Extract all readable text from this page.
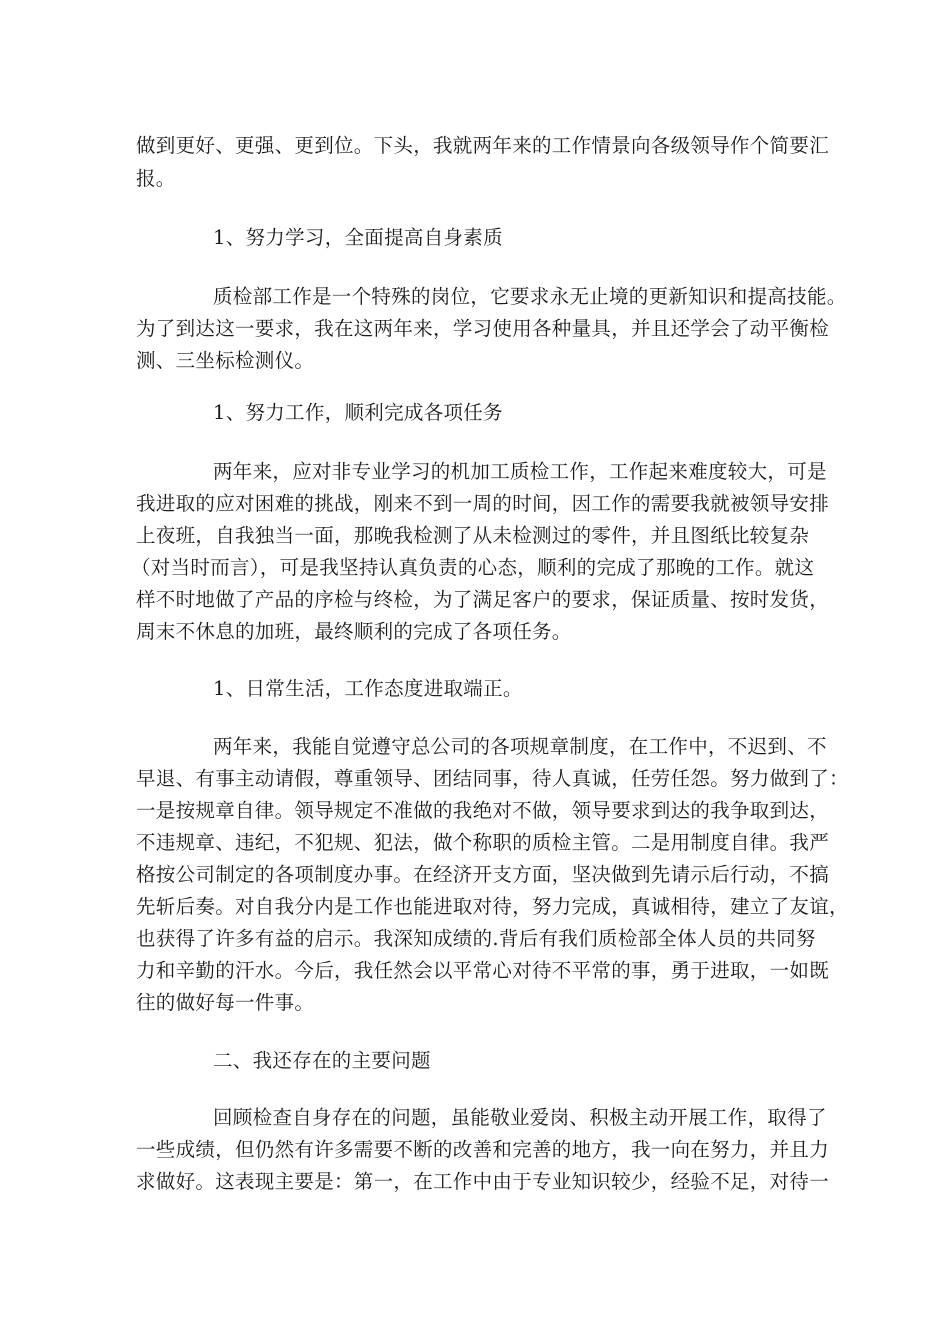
做到更好、更强、更到位。下头，我就两年来的工作情景向各级领导作个简要汇
报。
1、努力学习，全面提高自身素质
质检部工作是一个特殊的岗位，它要求永无止境的更新知识和提高技能。
为了到达这一要求，我在这两年来，学习使用各种量具，并且还学会了动平衡检
测、三坐标检测仪。
1、努力工作，顺利完成各项任务
两年来，应对非专业学习的机加工质检工作，工作起来难度较大，可是
我进取的应对困难的挑战，刚来不到一周的时间，因工作的需要我就被领导安排
上夜班，自我独当一面，那晚我检测了从未检测过的零件，并且图纸比较复杂
（对当时而言），可是我坚持认真负责的心态，顺利的完成了那晚的工作。就这
样不时地做了产品的序检与终检，为了满足客户的要求，保证质量、按时发货，
周末不休息的加班，最终顺利的完成了各项任务。
1、日常生活，工作态度进取端正。
两年来，我能自觉遵守总公司的各项规章制度，在工作中，不迟到、不
早退、有事主动请假，尊重领导、团结同事，待人真诚，任劳任怨。努力做到了：
一是按规章自律。领导规定不准做的我绝对不做，领导要求到达的我争取到达，
不违规章、违纪，不犯规、犯法，做个称职的质检主管。二是用制度自律。我严
格按公司制定的各项制度办事。在经济开支方面，坚决做到先请示后行动，不搞
先斩后奏。对自我分内是工作也能进取对待，努力完成，真诚相待，建立了友谊，
也获得了许多有益的启示。我深知成绩的.背后有我们质检部全体人员的共同努
力和辛勤的汗水。今后，我任然会以平常心对待不平常的事，勇于进取，一如既
往的做好每一件事。
二、我还存在的主要问题
回顾检查自身存在的问题，虽能敬业爱岗、积极主动开展工作，取得了
一些成绩，但仍然有许多需要不断的改善和完善的地方，我一向在努力，并且力
求做好。这表现主要是：第一，在工作中由于专业知识较少，经验不足，对待一
